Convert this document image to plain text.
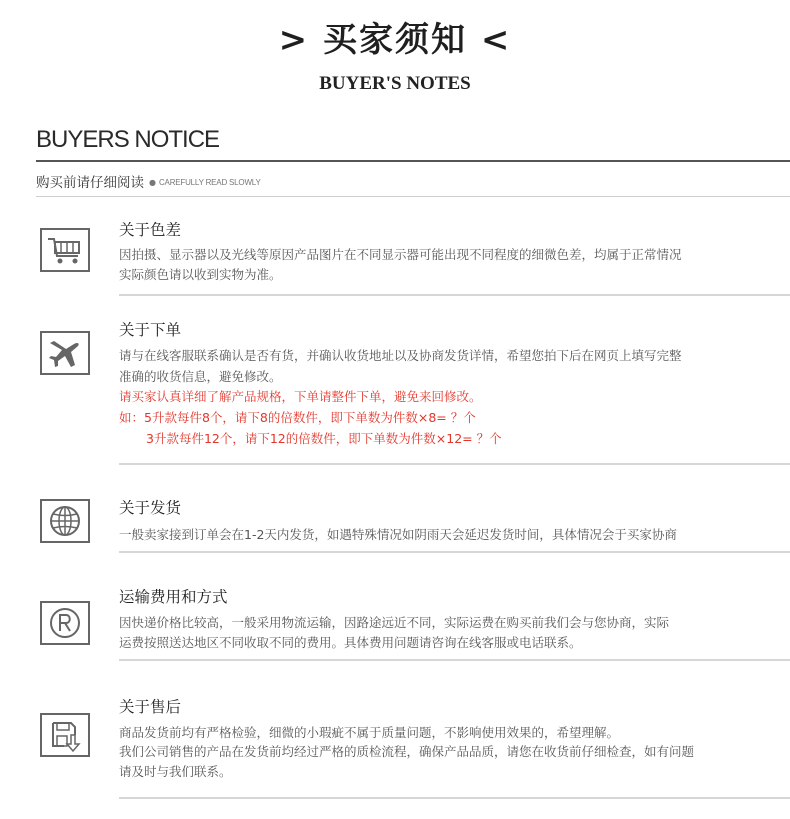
> 买家须知 <
BUYER'S NOTES
BUYERS NOTICE
购买前请仔细阅读 ● CAREFULLY READ SLOWLY
关于色差
因拍摄、显示器以及光线等原因产品图片在不同显示器可能出现不同程度的细微色差，均属于正常情况
实际颜色请以收到实物为准。
关于下单
请与在线客服联系确认是否有货，并确认收货地址以及协商发货详情，希望您拍下后在网页上填写完整
准确的收货信息，避免修改。
请买家认真详细了解产品规格，下单请整件下单，避免来回修改。
如：5升款每件8个，请下8的倍数件，即下单数为件数×8= ？个
3升款每件12个，请下12的倍数件，即下单数为件数×12= ？个
关于发货
一般卖家接到订单会在1-2天内发货，如遇特殊情况如阴雨天会延迟发货时间，具体情况会于买家协商
运输费用和方式
因快递价格比较高，一般采用物流运输，因路途远近不同，实际运费在购买前我们会与您协商，实际
运费按照送达地区不同收取不同的费用。具体费用问题请咨询在线客服或电话联系。
关于售后
商品发货前均有严格检验，细微的小瑕疵不属于质量问题，不影响使用效果的，希望理解。
我们公司销售的产品在发货前均经过严格的质检流程，确保产品品质，请您在收货前仔细检查，如有问题
请及时与我们联系。
